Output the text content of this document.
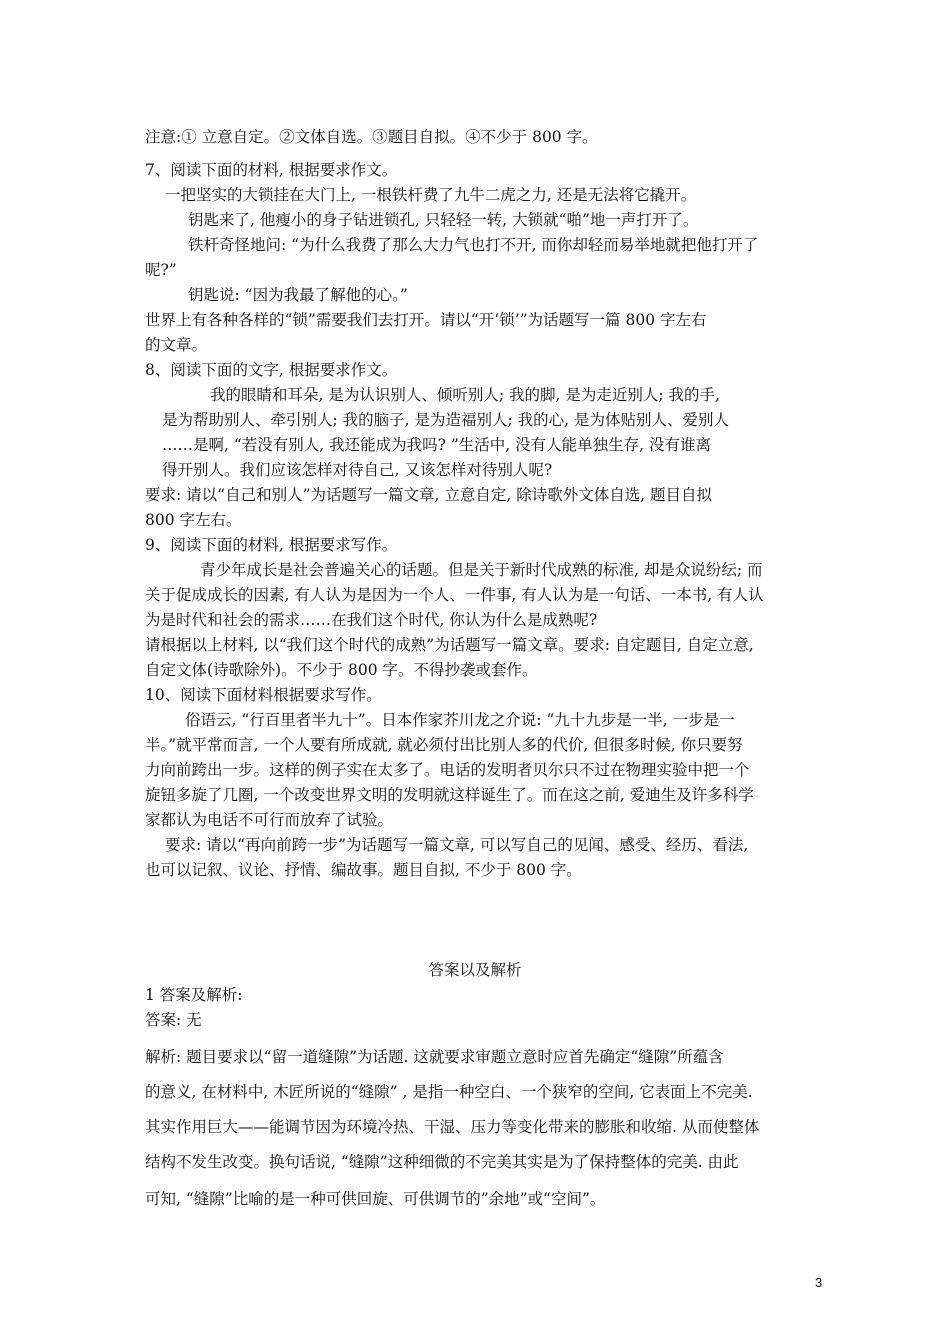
注意:① 立意自定。②文体自选。③题目自拟。④不少于 800 字。
7、阅读下面的材料, 根据要求作文。
一把坚实的大锁挂在大门上, 一根铁杆费了九牛二虎之力, 还是无法将它撬开。
钥匙来了, 他瘦小的身子钻进锁孔, 只轻轻一转, 大锁就“啪”地一声打开了。
铁杆奇怪地问: “为什么我费了那么大力气也打不开, 而你却轻而易举地就把他打开了
呢?”
钥匙说: “因为我最了解他的心。”
世界上有各种各样的“锁”需要我们去打开。请以“开‘锁’”为话题写一篇 800 字左右
的文章。
8、阅读下面的文字, 根据要求作文。
我的眼睛和耳朵, 是为认识别人、倾听别人; 我的脚, 是为走近别人; 我的手,
是为帮助别人、牵引别人; 我的脑子, 是为造福别人; 我的心, 是为体贴别人、爱别人
……是啊, “若没有别人, 我还能成为我吗? ”生活中, 没有人能单独生存, 没有谁离
得开别人。我们应该怎样对待自己, 又该怎样对待别人呢?
要求: 请以“自己和别人”为话题写一篇文章, 立意自定, 除诗歌外文体自选, 题目自拟
800 字左右。
9、阅读下面的材料, 根据要求写作。
青少年成长是社会普遍关心的话题。但是关于新时代成熟的标准, 却是众说纷纭; 而
关于促成成长的因素, 有人认为是因为一个人、一件事, 有人认为是一句话、一本书, 有人认
为是时代和社会的需求……在我们这个时代, 你认为什么是成熟呢?
请根据以上材料, 以“我们这个时代的成熟”为话题写一篇文章。要求: 自定题目, 自定立意,
自定文体(诗歌除外)。不少于 800 字。不得抄袭或套作。
10、阅读下面材料根据要求写作。
俗语云, “行百里者半九十”。日本作家芥川龙之介说: “九十九步是一半, 一步是一
半。”就平常而言, 一个人要有所成就, 就必须付出比别人多的代价, 但很多时候, 你只要努
力向前跨出一步。这样的例子实在太多了。电话的发明者贝尔只不过在物理实验中把一个
旋钮多旋了几圈, 一个改变世界文明的发明就这样诞生了。而在这之前, 爱迪生及许多科学
家都认为电话不可行而放弃了试验。
要求: 请以“再向前跨一步”为话题写一篇文章, 可以写自己的见闻、感受、经历、看法,
也可以记叙、议论、抒情、编故事。题目自拟, 不少于 800 字。
答案以及解析
1 答案及解析:
答案: 无
解析: 题目要求以“留一道缝隙”为话题. 这就要求审题立意时应首先确定“缝隙”所蕴含
的意义, 在材料中, 木匠所说的“缝隙” , 是指一种空白、一个狭窄的空间, 它表面上不完美.
其实作用巨大——能调节因为环境冷热、干湿、压力等变化带来的膨胀和收缩. 从而使整体
结构不发生改变。换句话说, “缝隙”这种细微的不完美其实是为了保持整体的完美. 由此
可知, “缝隙”比喻的是一种可供回旋、可供调节的”余地”或“空间”。
3
